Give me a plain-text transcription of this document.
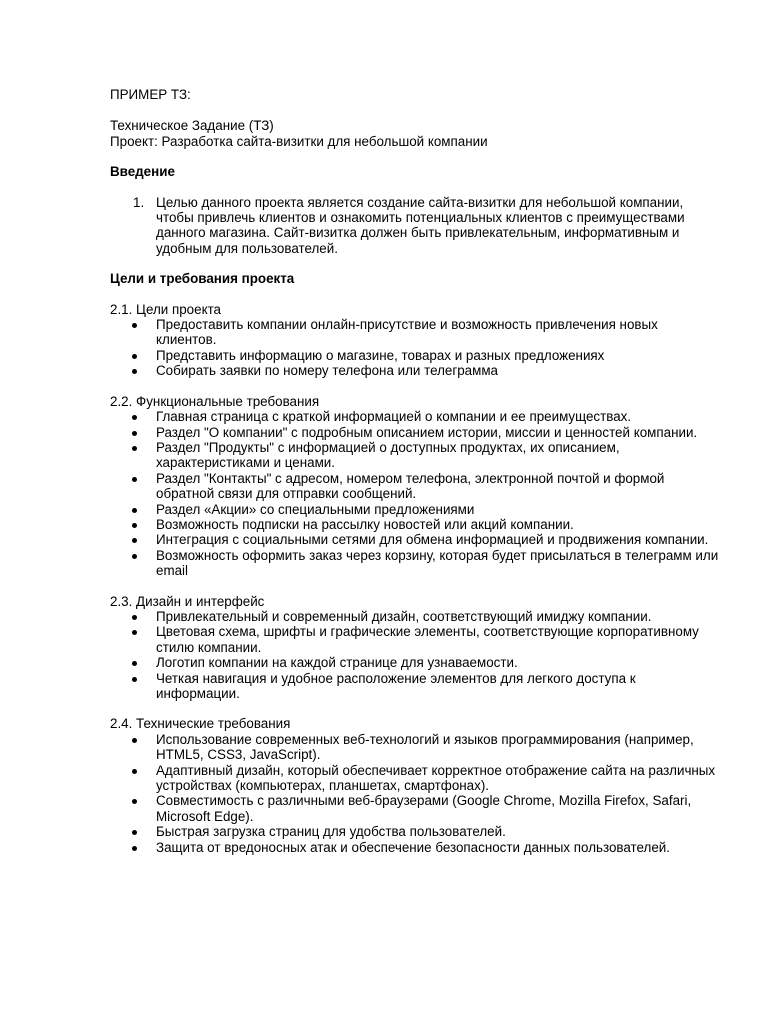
ПРИМЕР ТЗ:

Техническое Задание (ТЗ)

Проект: Разработка сайта-визитки для небольшой компании

Введение

1. Целью данного проекта является создание сайта-визитки для небольшой компании, чтобы привлечь клиентов и ознакомить потенциальных клиентов с преимуществами данного магазина. Сайт-визитка должен быть привлекательным, информативным и удобным для пользователей.

Цели и требования проекта

2.1. Цели проекта

Предоставить компании онлайн-присутствие и возможность привлечения новых клиентов.
Представить информацию о магазине, товарах и разных предложениях
Собирать заявки по номеру телефона или телеграмма

2.2. Функциональные требования

Главная страница с краткой информацией о компании и ее преимуществах.
Раздел "О компании" с подробным описанием истории, миссии и ценностей компании.
Раздел "Продукты" с информацией о доступных продуктах, их описанием, характеристиками и ценами.
Раздел "Контакты" с адресом, номером телефона, электронной почтой и формой обратной связи для отправки сообщений.
Раздел «Акции» со специальными предложениями
Возможность подписки на рассылку новостей или акций компании.
Интеграция с социальными сетями для обмена информацией и продвижения компании.
Возможность оформить заказ через корзину, которая будет присылаться в телеграмм или email

2.3. Дизайн и интерфейс

Привлекательный и современный дизайн, соответствующий имиджу компании.
Цветовая схема, шрифты и графические элементы, соответствующие корпоративному стилю компании.
Логотип компании на каждой странице для узнаваемости.
Четкая навигация и удобное расположение элементов для легкого доступа к информации.

2.4. Технические требования

Использование современных веб-технологий и языков программирования (например, HTML5, CSS3, JavaScript).
Адаптивный дизайн, который обеспечивает корректное отображение сайта на различных устройствах (компьютерах, планшетах, смартфонах).
Совместимость с различными веб-браузерами (Google Chrome, Mozilla Firefox, Safari, Microsoft Edge).
Быстрая загрузка страниц для удобства пользователей.
Защита от вредоносных атак и обеспечение безопасности данных пользователей.
